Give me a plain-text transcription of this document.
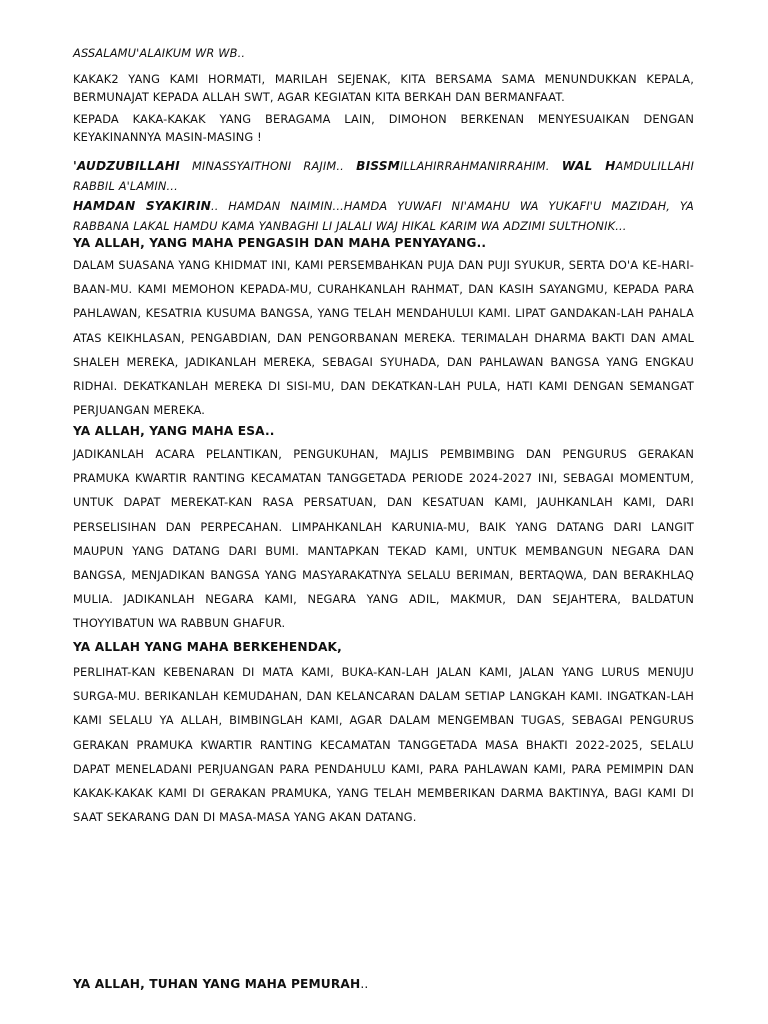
ASSALAMU'ALAIKUM WR WB..
KAKAK2 YANG KAMI HORMATI, MARILAH SEJENAK, KITA BERSAMA SAMA MENUNDUKKAN KEPALA, BERMUNAJAT KEPADA ALLAH SWT, AGAR KEGIATAN KITA BERKAH DAN BERMANFAAT.
KEPADA KAKA-KAKAK YANG BERAGAMA LAIN, DIMOHON BERKENAN MENYESUAIKAN DENGAN KEYAKINANNYA MASIN-MASING !
'AUDZUBILLAHI MINASSYAITHONI RAJIM.. BISSMILLAHIRRAHMANIRRAHIM. WAL HAMDULILLAHI RABBIL A'LAMIN...
HAMDAN SYAKIRIN.. HAMDAN NAIMIN...HAMDA YUWAFI NI'AMAHU WA YUKAFI'U MAZIDAH, YA RABBANA LAKAL HAMDU KAMA YANBAGHI LI JALALI WAJ HIKAL KARIM WA ADZIMI SULTHONIK...
YA ALLAH, YANG MAHA PENGASIH DAN MAHA PENYAYANG..
DALAM SUASANA YANG KHIDMAT INI, KAMI PERSEMBAHKAN PUJA DAN PUJI SYUKUR, SERTA DO'A KE-HARI-BAAN-MU. KAMI MEMOHON KEPADA-MU, CURAHKANLAH RAHMAT, DAN KASIH SAYANGMU, KEPADA PARA PAHLAWAN, KESATRIA KUSUMA BANGSA, YANG TELAH MENDAHULUI KAMI. LIPAT GANDAKAN-LAH PAHALA ATAS KEIKHLASAN, PENGABDIAN, DAN PENGORBANAN MEREKA. TERIMALAH DHARMA BAKTI DAN AMAL SHALEH MEREKA, JADIKANLAH MEREKA, SEBAGAI SYUHADA, DAN PAHLAWAN BANGSA YANG ENGKAU RIDHAI. DEKATKANLAH MEREKA DI SISI-MU, DAN DEKATKAN-LAH PULA, HATI KAMI DENGAN SEMANGAT PERJUANGAN MEREKA.
YA ALLAH, YANG MAHA ESA..
JADIKANLAH ACARA PELANTIKAN, PENGUKUHAN, MAJLIS PEMBIMBING DAN PENGURUS GERAKAN PRAMUKA KWARTIR RANTING KECAMATAN TANGGETADA PERIODE 2024-2027 INI, SEBAGAI MOMENTUM, UNTUK DAPAT MEREKAT-KAN RASA PERSATUAN, DAN KESATUAN KAMI, JAUHKANLAH KAMI, DARI PERSELISIHAN DAN PERPECAHAN. LIMPAHKANLAH KARUNIA-MU, BAIK YANG DATANG DARI LANGIT MAUPUN YANG DATANG DARI BUMI. MANTAPKAN TEKAD KAMI, UNTUK MEMBANGUN NEGARA DAN BANGSA, MENJADIKAN BANGSA YANG MASYARAKATNYA SELALU BERIMAN, BERTAQWA, DAN BERAKHLAQ MULIA. JADIKANLAH NEGARA KAMI, NEGARA YANG ADIL, MAKMUR, DAN SEJAHTERA, BALDATUN THOYYIBATUN WA RABBUN GHAFUR.
YA ALLAH YANG MAHA BERKEHENDAK,
PERLIHAT-KAN KEBENARAN DI MATA KAMI, BUKA-KAN-LAH JALAN KAMI, JALAN YANG LURUS MENUJU SURGA-MU. BERIKANLAH KEMUDAHAN, DAN KELANCARAN DALAM SETIAP LANGKAH KAMI. INGATKAN-LAH KAMI SELALU YA ALLAH, BIMBINGLAH KAMI, AGAR DALAM MENGEMBAN TUGAS, SEBAGAI PENGURUS GERAKAN PRAMUKA KWARTIR RANTING KECAMATAN TANGGETADA MASA BHAKTI 2022-2025, SELALU DAPAT MENELADANI PERJUANGAN PARA PENDAHULU KAMI, PARA PAHLAWAN KAMI, PARA PEMIMPIN DAN KAKAK-KAKAK KAMI DI GERAKAN PRAMUKA, YANG TELAH MEMBERIKAN DARMA BAKTINYA, BAGI KAMI DI SAAT SEKARANG DAN DI MASA-MASA YANG AKAN DATANG.
YA ALLAH, TUHAN YANG MAHA PEMURAH..
